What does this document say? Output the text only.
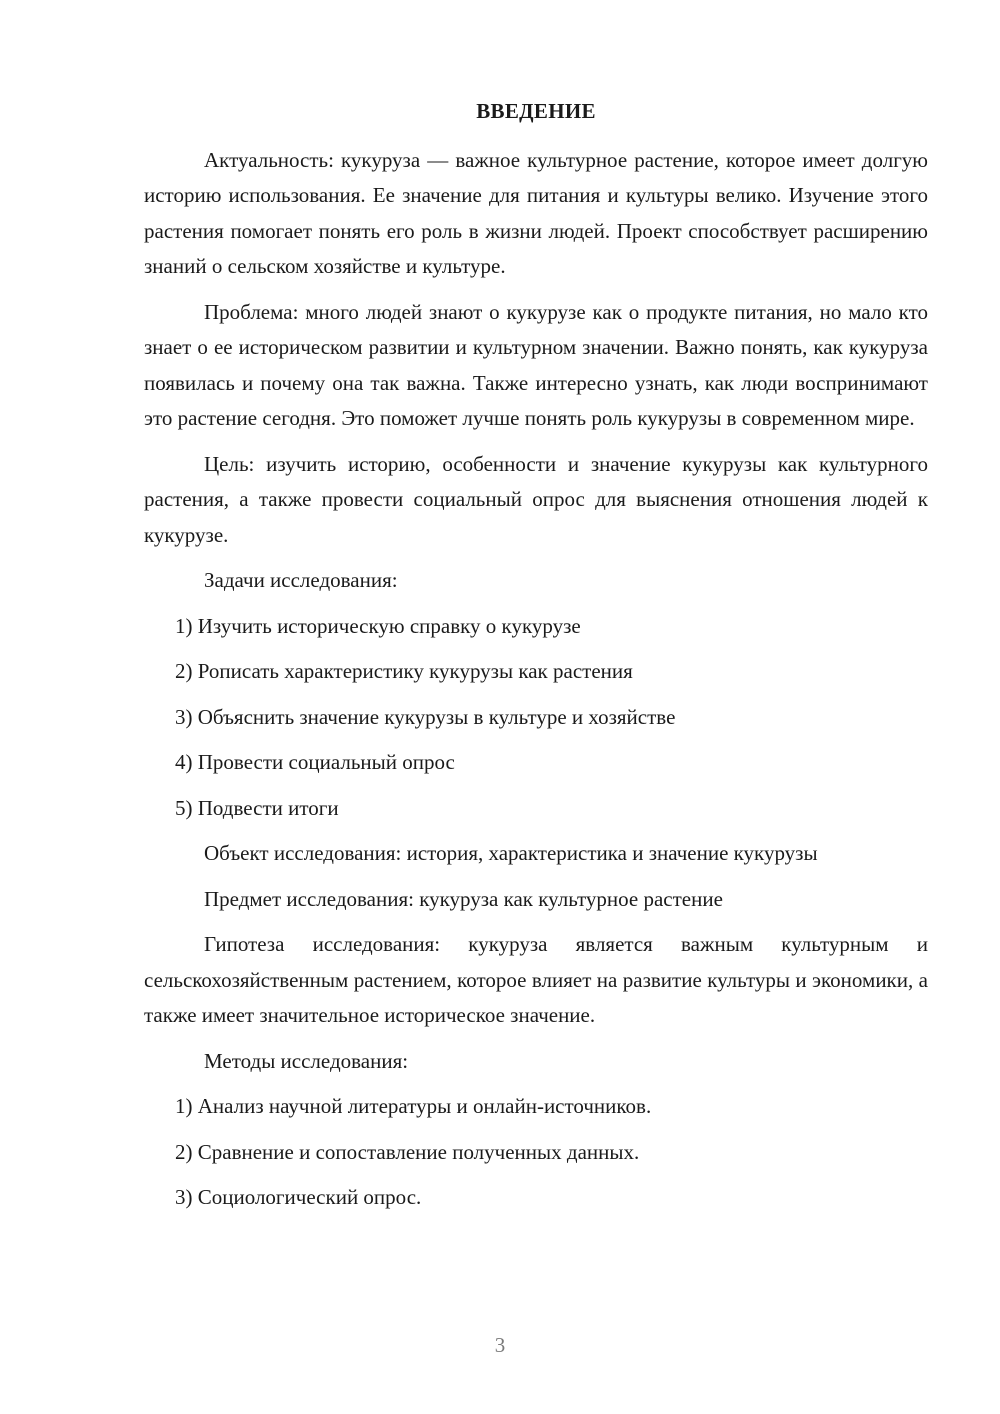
ВВЕДЕНИЕ

Актуальность: кукуруза — важное культурное растение, которое имеет долгую историю использования. Ее значение для питания и культуры велико. Изучение этого растения помогает понять его роль в жизни людей. Проект способствует расширению знаний о сельском хозяйстве и культуре.

Проблема: много людей знают о кукурузе как о продукте питания, но мало кто знает о ее историческом развитии и культурном значении. Важно понять, как кукуруза появилась и почему она так важна. Также интересно узнать, как люди воспринимают это растение сегодня. Это поможет лучше понять роль кукурузы в современном мире.

Цель: изучить историю, особенности и значение кукурузы как культурного растения, а также провести социальный опрос для выяснения отношения людей к кукурузе.

Задачи исследования:

1) Изучить историческую справку о кукурузе
2) Рописать характеристику кукурузы как растения
3) Объяснить значение кукурузы в культуре и хозяйстве
4) Провести социальный опрос
5) Подвести итоги

Объект исследования: история, характеристика и значение кукурузы

Предмет исследования: кукуруза как культурное растение

Гипотеза исследования: кукуруза является важным культурным и сельскохозяйственным растением, которое влияет на развитие культуры и экономики, а также имеет значительное историческое значение.

Методы исследования:

1) Анализ научной литературы и онлайн-источников.
2) Сравнение и сопоставление полученных данных.
3) Социологический опрос.
3
